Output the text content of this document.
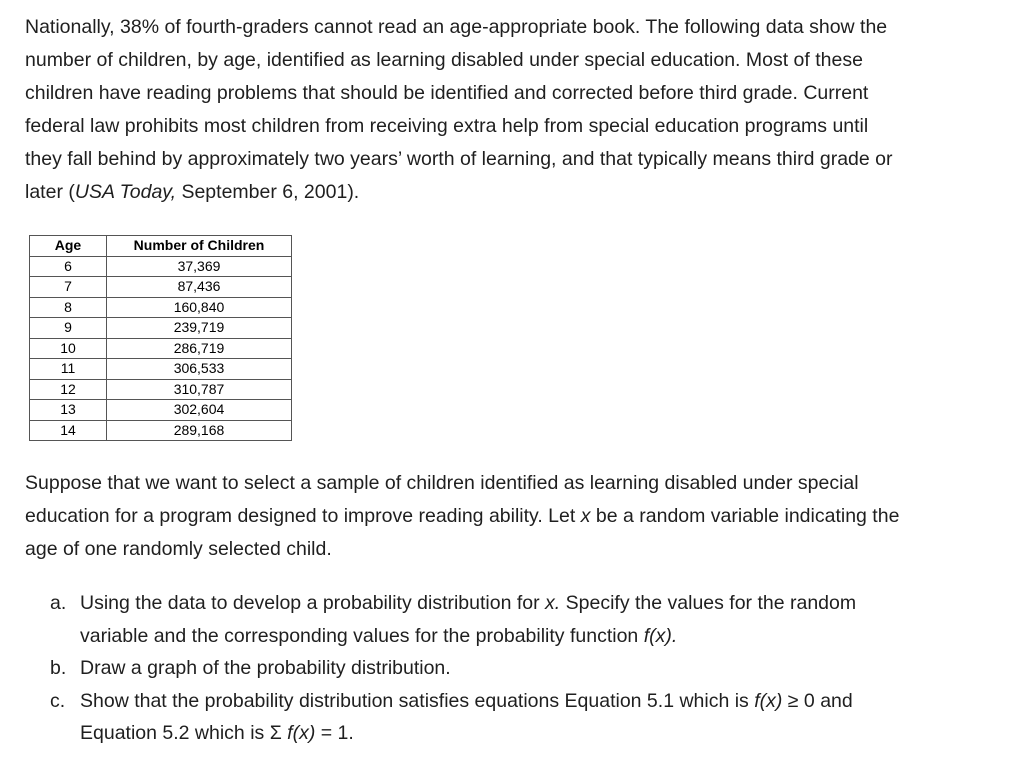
Nationally, 38% of fourth-graders cannot read an age-appropriate book. The following data show the
number of children, by age, identified as learning disabled under special education. Most of these
children have reading problems that should be identified and corrected before third grade. Current
federal law prohibits most children from receiving extra help from special education programs until
they fall behind by approximately two years’ worth of learning, and that typically means third grade or
later (USA Today, September 6, 2001).

Age	Number of Children
6	37,369
7	87,436
8	160,840
9	239,719
10	286,719
11	306,533
12	310,787
13	302,604
14	289,168

Suppose that we want to select a sample of children identified as learning disabled under special
education for a program designed to improve reading ability. Let x be a random variable indicating the
age of one randomly selected child.

a. Using the data to develop a probability distribution for x. Specify the values for the random
variable and the corresponding values for the probability function f(x).
b. Draw a graph of the probability distribution.
c. Show that the probability distribution satisfies equations Equation 5.1 which is f(x) ≥ 0 and
Equation 5.2 which is Σ f(x) = 1.
